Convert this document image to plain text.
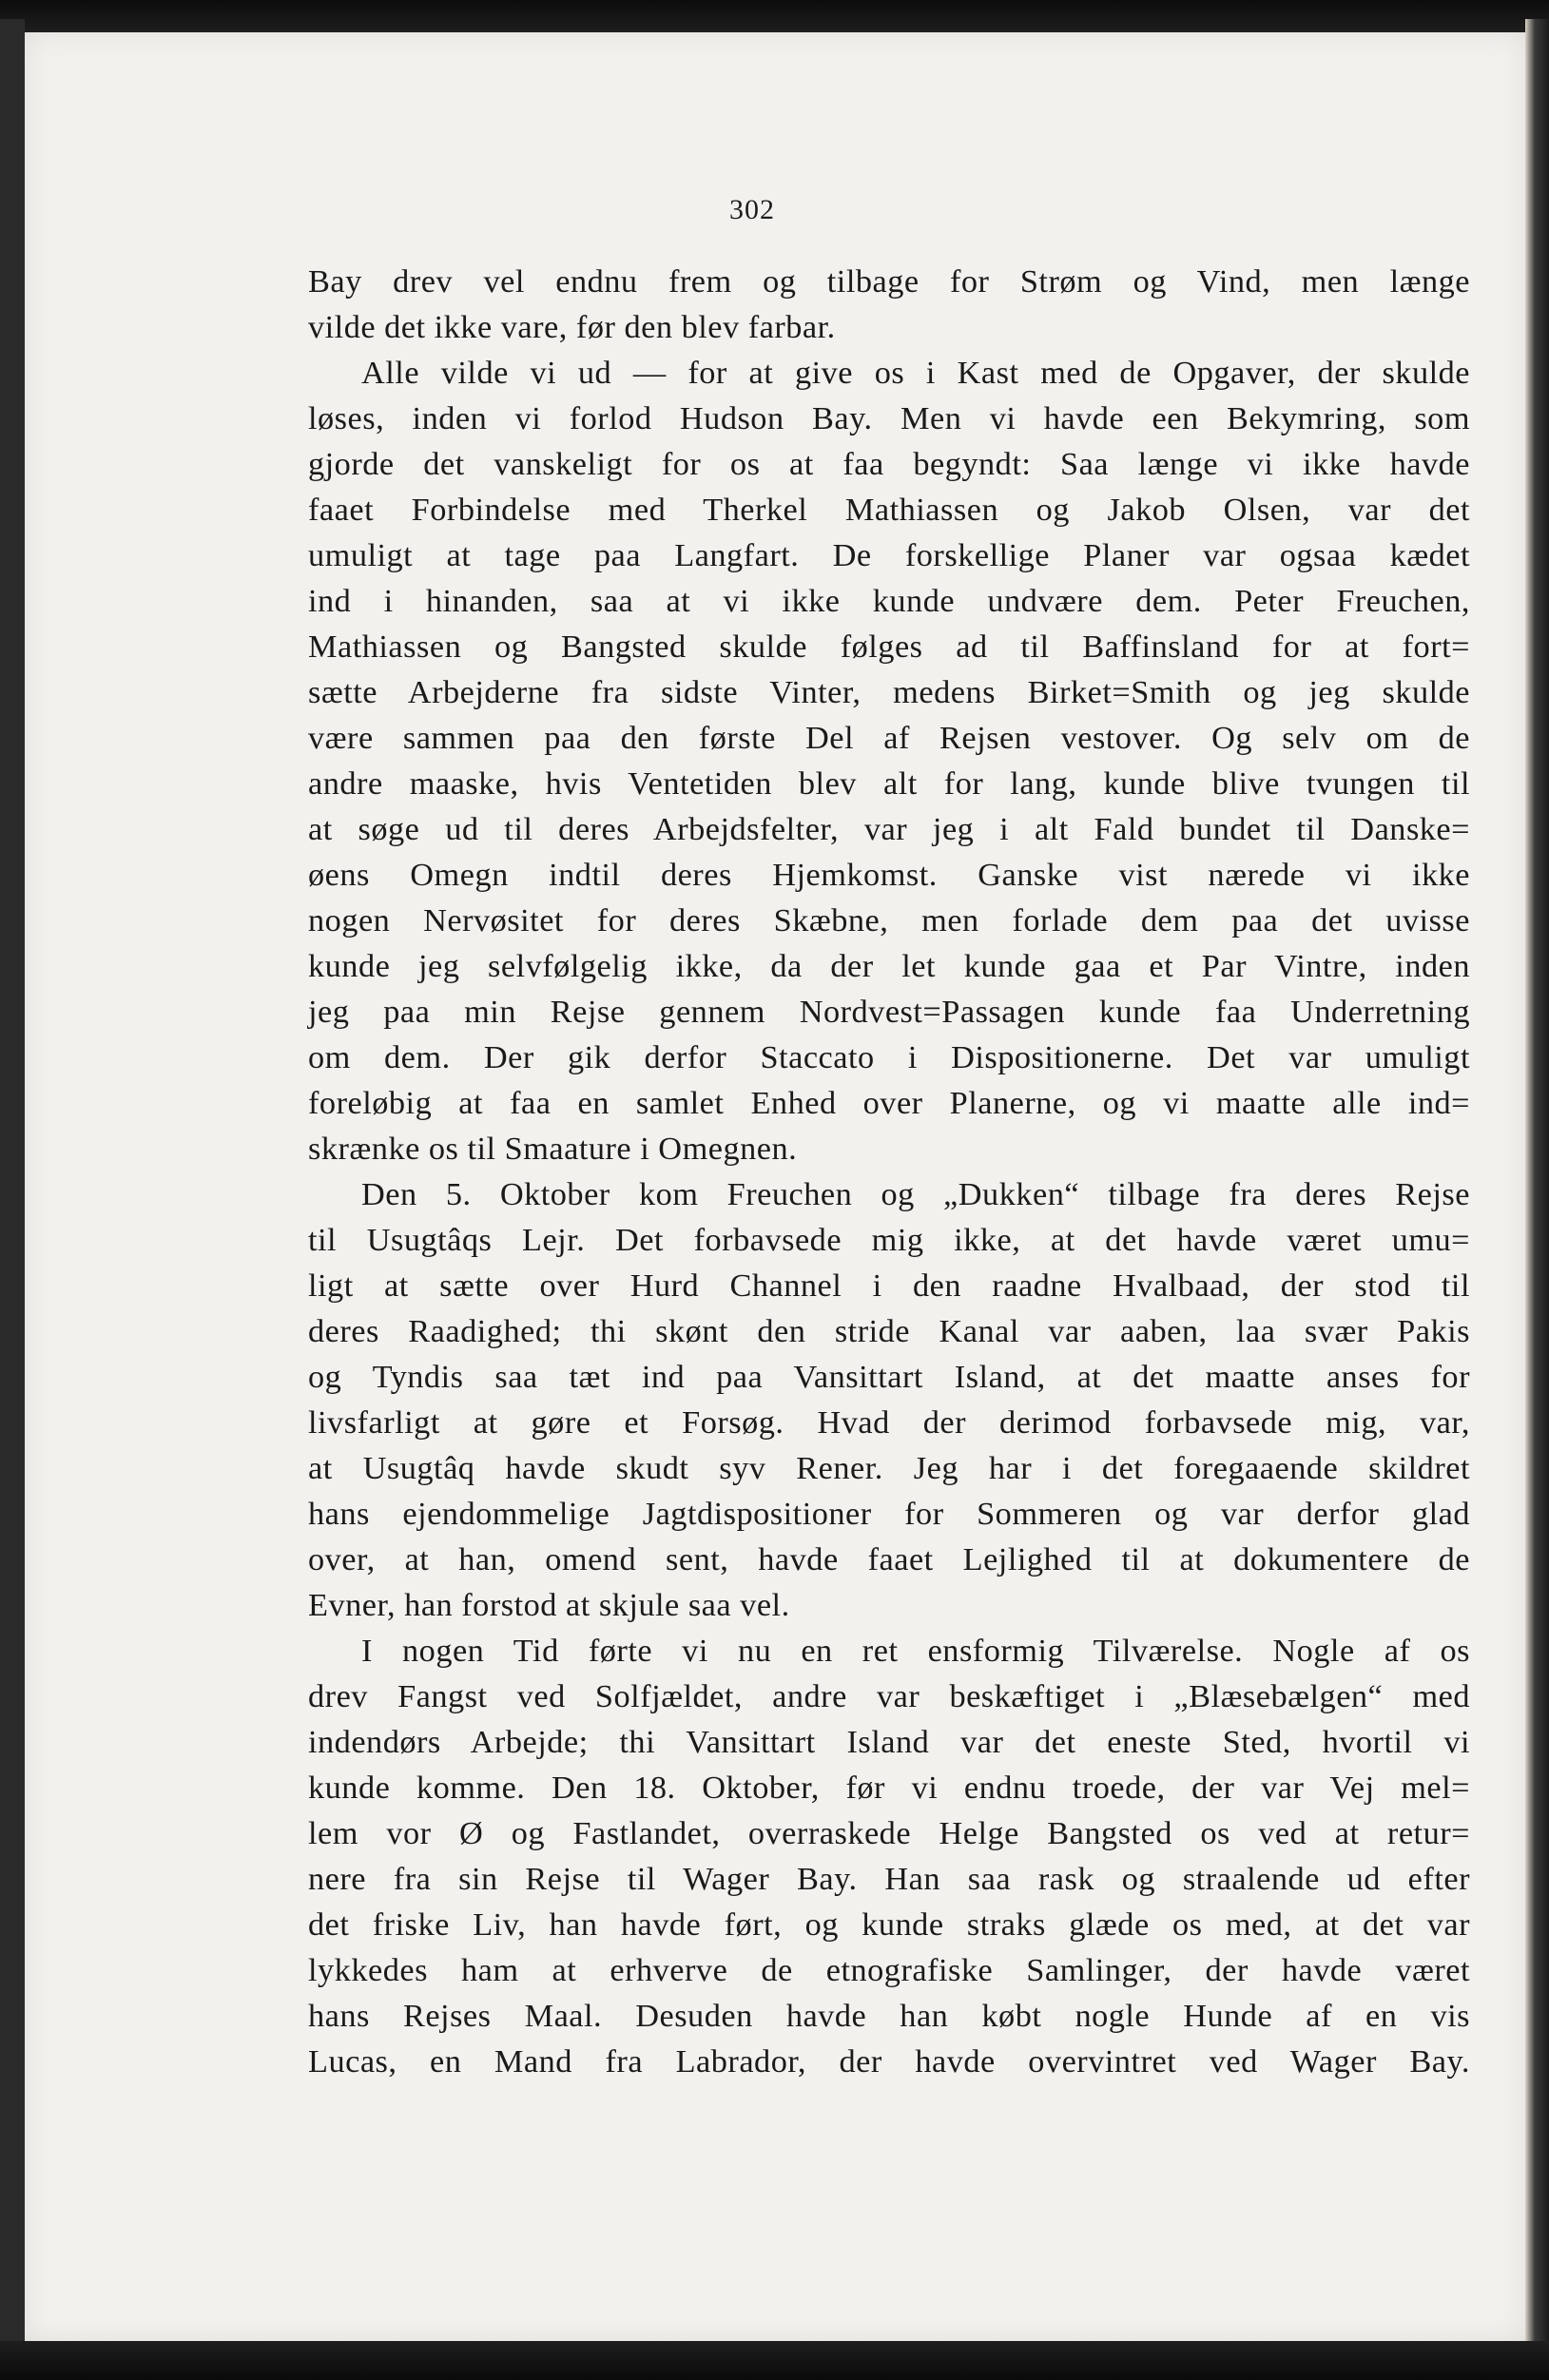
302

Bay drev vel endnu frem og tilbage for Strøm og Vind, men længe
vilde det ikke vare, før den blev farbar.

Alle vilde vi ud — for at give os i Kast med de Opgaver, der skulde
løses, inden vi forlod Hudson Bay. Men vi havde een Bekymring, som
gjorde det vanskeligt for os at faa begyndt: Saa længe vi ikke havde
faaet Forbindelse med Therkel Mathiassen og Jakob Olsen, var det
umuligt at tage paa Langfart. De forskellige Planer var ogsaa kædet
ind i hinanden, saa at vi ikke kunde undvære dem. Peter Freuchen,
Mathiassen og Bangsted skulde følges ad til Baffinsland for at fort=
sætte Arbejderne fra sidste Vinter, medens Birket=Smith og jeg skulde
være sammen paa den første Del af Rejsen vestover. Og selv om de
andre maaske, hvis Ventetiden blev alt for lang, kunde blive tvungen til
at søge ud til deres Arbejdsfelter, var jeg i alt Fald bundet til Danske=
øens Omegn indtil deres Hjemkomst. Ganske vist nærede vi ikke
nogen Nervøsitet for deres Skæbne, men forlade dem paa det uvisse
kunde jeg selvfølgelig ikke, da der let kunde gaa et Par Vintre, inden
jeg paa min Rejse gennem Nordvest=Passagen kunde faa Underretning
om dem. Der gik derfor Staccato i Dispositionerne. Det var umuligt
foreløbig at faa en samlet Enhed over Planerne, og vi maatte alle ind=
skrænke os til Smaature i Omegnen.

Den 5. Oktober kom Freuchen og „Dukken“ tilbage fra deres Rejse
til Usugtâqs Lejr. Det forbavsede mig ikke, at det havde været umu=
ligt at sætte over Hurd Channel i den raadne Hvalbaad, der stod til
deres Raadighed; thi skønt den stride Kanal var aaben, laa svær Pakis
og Tyndis saa tæt ind paa Vansittart Island, at det maatte anses for
livsfarligt at gøre et Forsøg. Hvad der derimod forbavsede mig, var,
at Usugtâq havde skudt syv Rener. Jeg har i det foregaaende skildret
hans ejendommelige Jagtdispositioner for Sommeren og var derfor glad
over, at han, omend sent, havde faaet Lejlighed til at dokumentere de
Evner, han forstod at skjule saa vel.

I nogen Tid førte vi nu en ret ensformig Tilværelse. Nogle af os
drev Fangst ved Solfjældet, andre var beskæftiget i „Blæsebælgen“ med
indendørs Arbejde; thi Vansittart Island var det eneste Sted, hvortil vi
kunde komme. Den 18. Oktober, før vi endnu troede, der var Vej mel=
lem vor Ø og Fastlandet, overraskede Helge Bangsted os ved at retur=
nere fra sin Rejse til Wager Bay. Han saa rask og straalende ud efter
det friske Liv, han havde ført, og kunde straks glæde os med, at det var
lykkedes ham at erhverve de etnografiske Samlinger, der havde været
hans Rejses Maal. Desuden havde han købt nogle Hunde af en vis
Lucas, en Mand fra Labrador, der havde overvintret ved Wager Bay.
